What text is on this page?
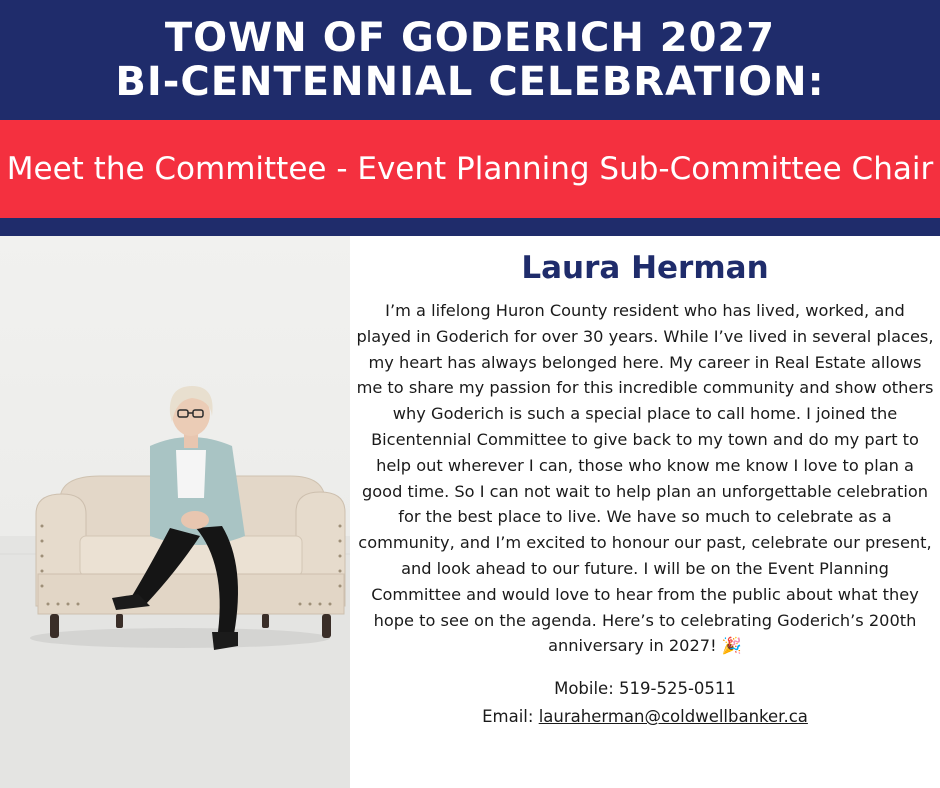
TOWN OF GODERICH 2027
BI-CENTENNIAL CELEBRATION:
Meet the Committee - Event Planning Sub-Committee Chair
Laura Herman

I’m a lifelong Huron County resident who has lived, worked, and played in Goderich for over 30 years. While I’ve lived in several places, my heart has always belonged here. My career in Real Estate allows me to share my passion for this incredible community and show others why Goderich is such a special place to call home. I joined the Bicentennial Committee to give back to my town and do my part to help out wherever I can, those who know me know I love to plan a good time. So I can not wait to help plan an unforgettable celebration for the best place to live. We have so much to celebrate as a community, and I’m excited to honour our past, celebrate our present, and look ahead to our future. I will be on the Event Planning Committee and would love to hear from the public about what they hope to see on the agenda. Here’s to celebrating Goderich’s 200th anniversary in 2027! 🎉

Mobile: 519-525-0511
Email: lauraherman@coldwellbanker.ca
